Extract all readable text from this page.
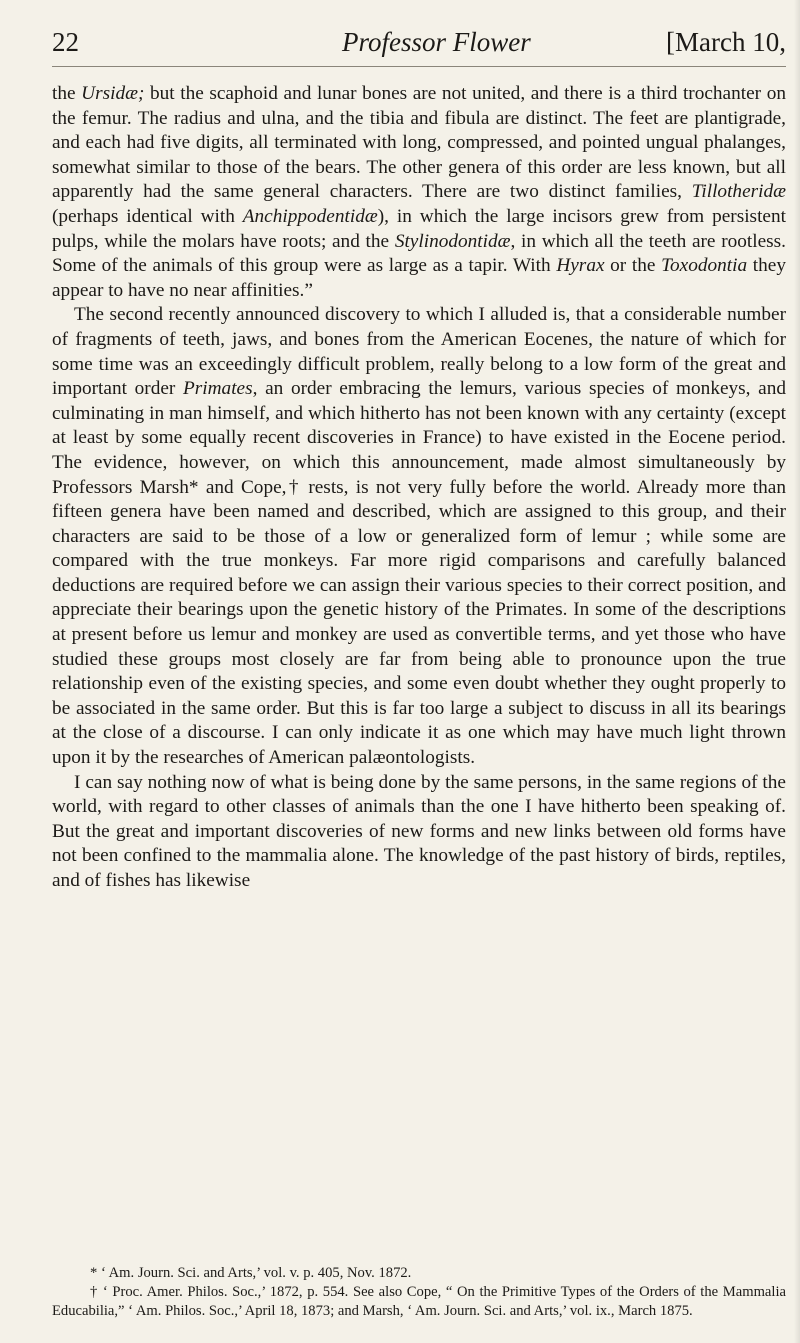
22	Professor Flower	[March 10,

the Ursidæ; but the scaphoid and lunar bones are not united, and there is a third trochanter on the femur. The radius and ulna, and the tibia and fibula are distinct. The feet are plantigrade, and each had five digits, all terminated with long, compressed, and pointed ungual phalanges, somewhat similar to those of the bears. The other genera of this order are less known, but all apparently had the same general characters. There are two distinct families, Tillotheridæ (perhaps identical with Anchippodentidæ), in which the large incisors grew from persistent pulps, while the molars have roots; and the Stylinodontidæ, in which all the teeth are rootless. Some of the animals of this group were as large as a tapir. With Hyrax or the Toxodontia they appear to have no near affinities.”

The second recently announced discovery to which I alluded is, that a considerable number of fragments of teeth, jaws, and bones from the American Eocenes, the nature of which for some time was an exceedingly difficult problem, really belong to a low form of the great and important order Primates, an order embracing the lemurs, various species of monkeys, and culminating in man himself, and which hitherto has not been known with any certainty (except at least by some equally recent discoveries in France) to have existed in the Eocene period. The evidence, however, on which this announcement, made almost simultaneously by Professors Marsh* and Cope,† rests, is not very fully before the world. Already more than fifteen genera have been named and described, which are assigned to this group, and their characters are said to be those of a low or generalized form of lemur ; while some are compared with the true monkeys. Far more rigid comparisons and carefully balanced deductions are required before we can assign their various species to their correct position, and appreciate their bearings upon the genetic history of the Primates. In some of the descriptions at present before us lemur and monkey are used as convertible terms, and yet those who have studied these groups most closely are far from being able to pronounce upon the true relationship even of the existing species, and some even doubt whether they ought properly to be associated in the same order. But this is far too large a subject to discuss in all its bearings at the close of a discourse. I can only indicate it as one which may have much light thrown upon it by the researches of American palæontologists.

I can say nothing now of what is being done by the same persons, in the same regions of the world, with regard to other classes of animals than the one I have hitherto been speaking of. But the great and important discoveries of new forms and new links between old forms have not been confined to the mammalia alone. The knowledge of the past history of birds, reptiles, and of fishes has likewise

* ‘ Am. Journ. Sci. and Arts,’ vol. v. p. 405, Nov. 1872.

† ‘ Proc. Amer. Philos. Soc.,’ 1872, p. 554. See also Cope, “ On the Primitive Types of the Orders of the Mammalia Educabilia,” ‘ Am. Philos. Soc.,’ April 18, 1873; and Marsh, ‘ Am. Journ. Sci. and Arts,’ vol. ix., March 1875.
